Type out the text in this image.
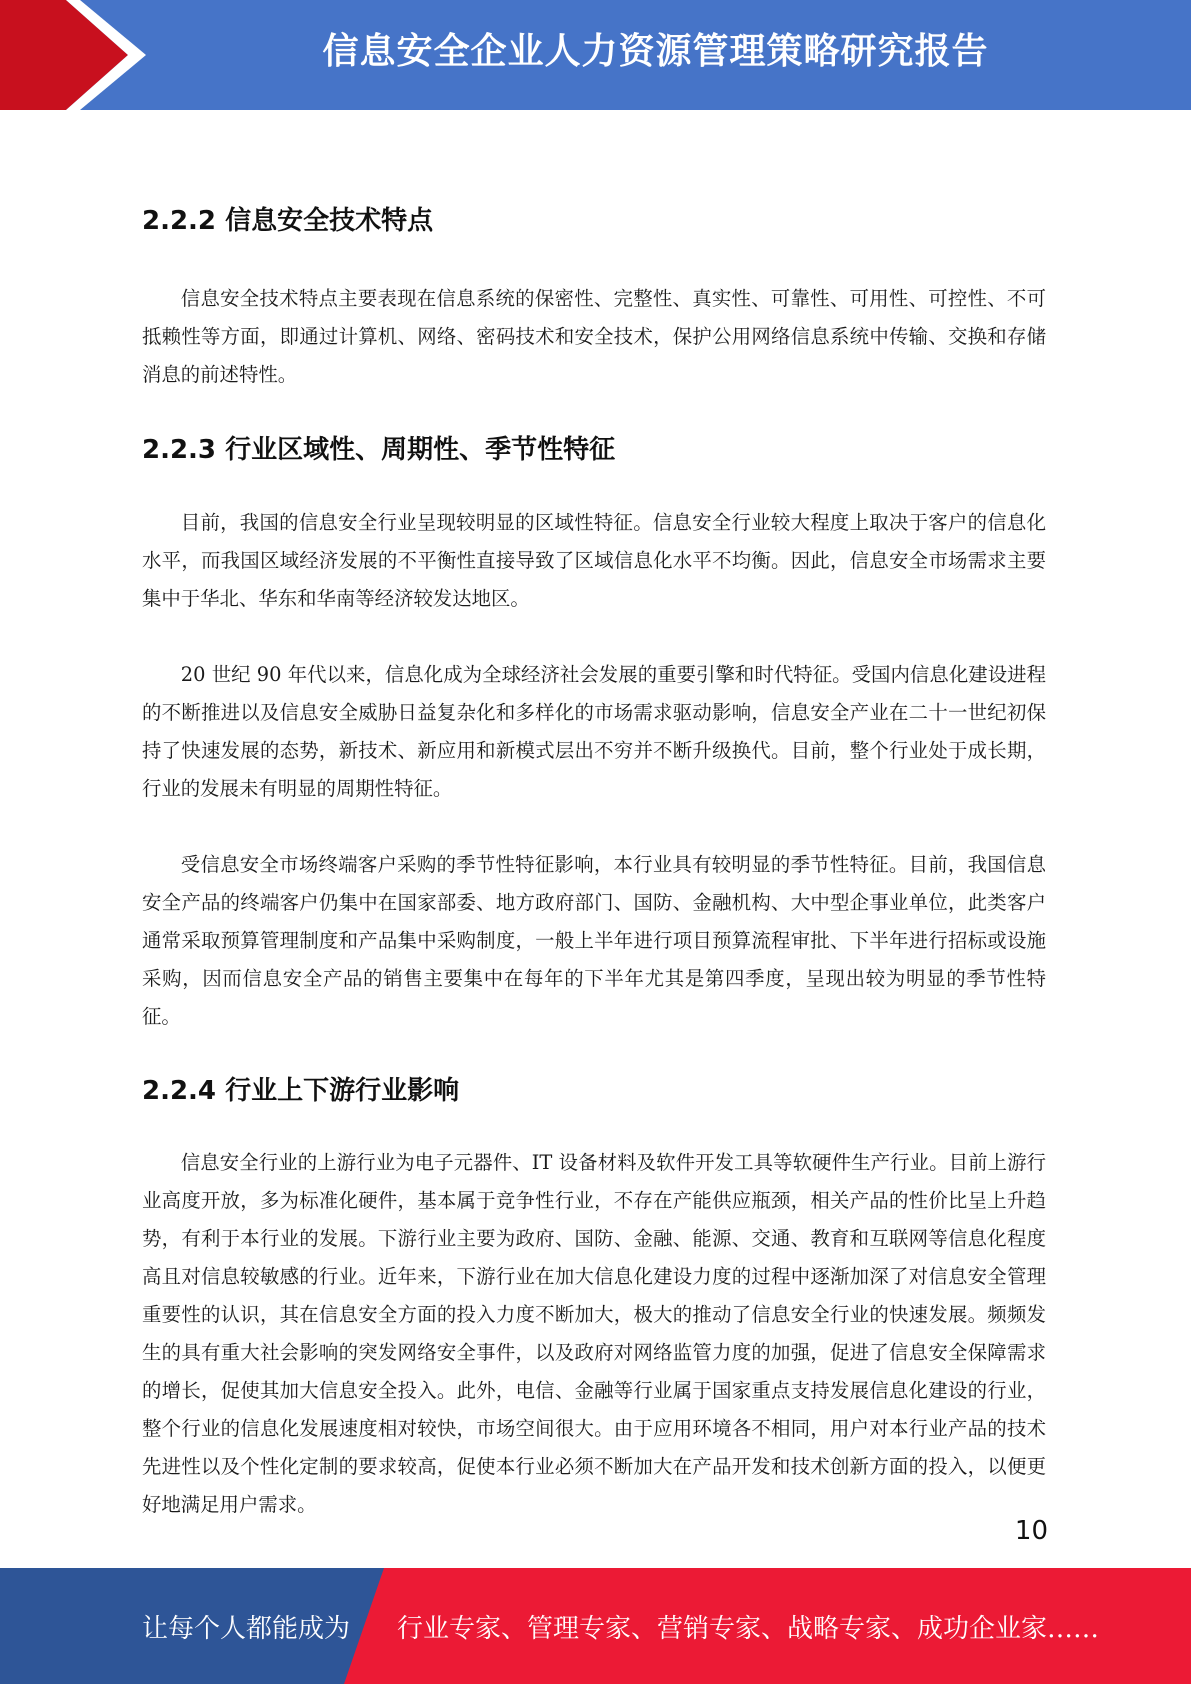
信息安全企业人力资源管理策略研究报告
2.2.2 信息安全技术特点

信息安全技术特点主要表现在信息系统的保密性、完整性、真实性、可靠性、可用性、可控性、不可抵赖性等方面，即通过计算机、网络、密码技术和安全技术，保护公用网络信息系统中传输、交换和存储消息的前述特性。

2.2.3 行业区域性、周期性、季节性特征

目前，我国的信息安全行业呈现较明显的区域性特征。信息安全行业较大程度上取决于客户的信息化水平，而我国区域经济发展的不平衡性直接导致了区域信息化水平不均衡。因此，信息安全市场需求主要集中于华北、华东和华南等经济较发达地区。

20 世纪 90 年代以来，信息化成为全球经济社会发展的重要引擎和时代特征。受国内信息化建设进程的不断推进以及信息安全威胁日益复杂化和多样化的市场需求驱动影响，信息安全产业在二十一世纪初保持了快速发展的态势，新技术、新应用和新模式层出不穷并不断升级换代。目前，整个行业处于成长期，行业的发展未有明显的周期性特征。

受信息安全市场终端客户采购的季节性特征影响，本行业具有较明显的季节性特征。目前，我国信息安全产品的终端客户仍集中在国家部委、地方政府部门、国防、金融机构、大中型企事业单位，此类客户通常采取预算管理制度和产品集中采购制度，一般上半年进行项目预算流程审批、下半年进行招标或设施采购，因而信息安全产品的销售主要集中在每年的下半年尤其是第四季度，呈现出较为明显的季节性特征。

2.2.4 行业上下游行业影响

信息安全行业的上游行业为电子元器件、IT 设备材料及软件开发工具等软硬件生产行业。目前上游行业高度开放，多为标准化硬件，基本属于竞争性行业，不存在产能供应瓶颈，相关产品的性价比呈上升趋势，有利于本行业的发展。下游行业主要为政府、国防、金融、能源、交通、教育和互联网等信息化程度高且对信息较敏感的行业。近年来，下游行业在加大信息化建设力度的过程中逐渐加深了对信息安全管理重要性的认识，其在信息安全方面的投入力度不断加大，极大的推动了信息安全行业的快速发展。频频发生的具有重大社会影响的突发网络安全事件，以及政府对网络监管力度的加强，促进了信息安全保障需求的增长，促使其加大信息安全投入。此外，电信、金融等行业属于国家重点支持发展信息化建设的行业，整个行业的信息化发展速度相对较快，市场空间很大。由于应用环境各不相同，用户对本行业产品的技术先进性以及个性化定制的要求较高，促使本行业必须不断加大在产品开发和技术创新方面的投入，以便更好地满足用户需求。

10
让每个人都能成为 行业专家、管理专家、营销专家、战略专家、成功企业家……
